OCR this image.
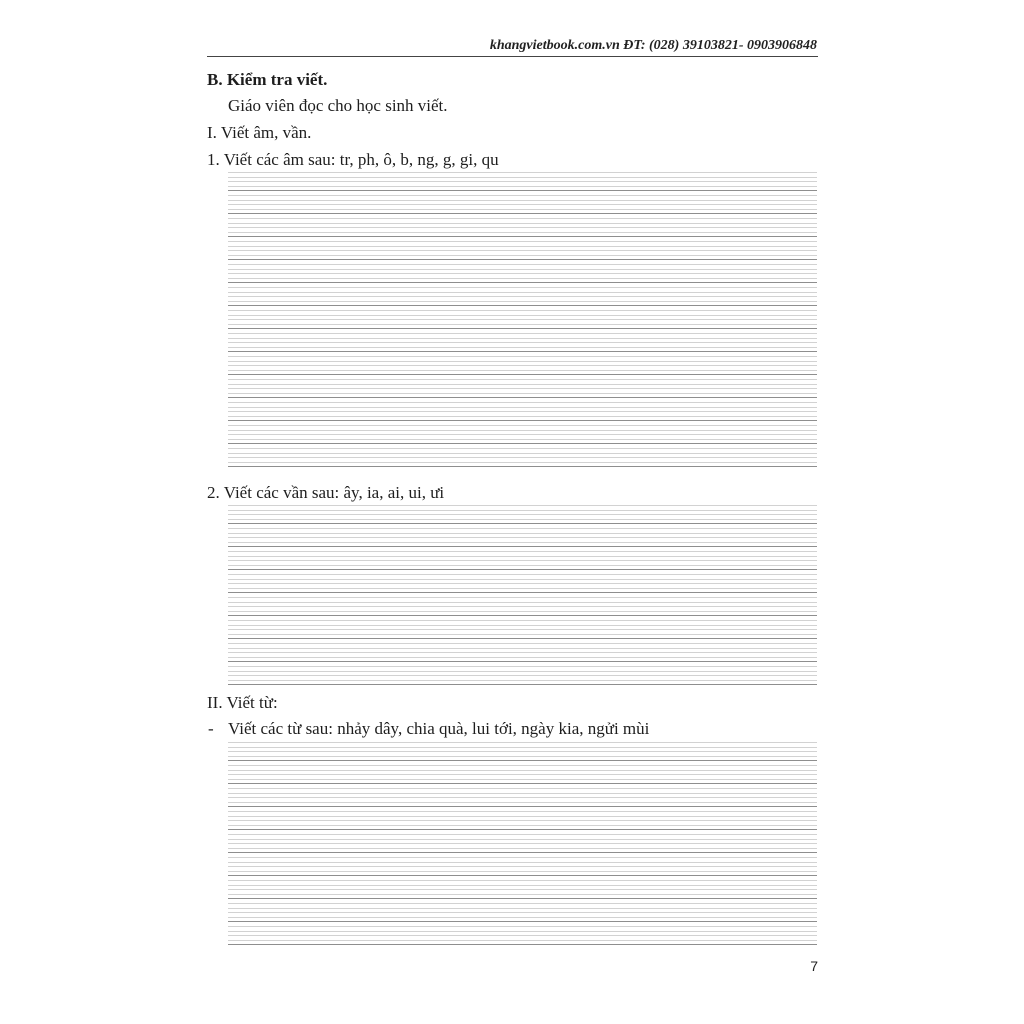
khangvietbook.com.vn ĐT: (028) 39103821- 0903906848
B. Kiểm tra viết.
Giáo viên đọc cho học sinh viết.
I. Viết âm, vần.
1. Viết các âm sau: tr, ph, ô, b, ng, g, gi, qu
2. Viết các vần sau: ây, ia, ai, ui, ưi
II. Viết từ:
- Viết các từ sau: nhảy dây, chia quà, lui tới, ngày kia, ngửi mùi
7
